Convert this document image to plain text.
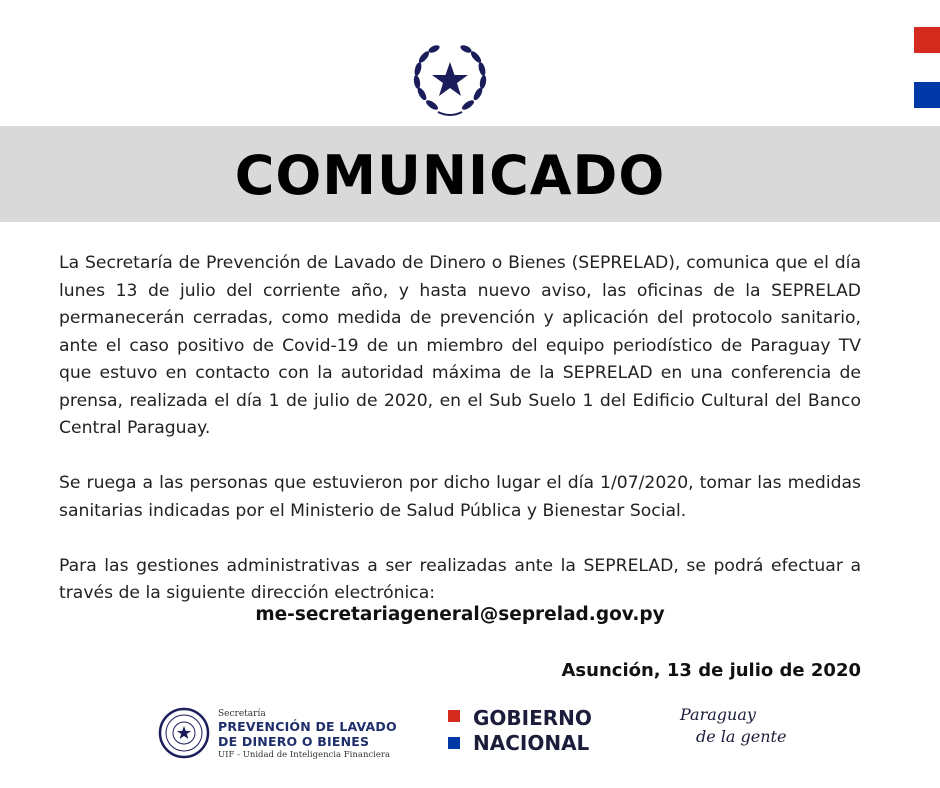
COMUNICADO

La Secretaría de Prevención de Lavado de Dinero o Bienes (SEPRELAD), comunica que el día lunes 13 de julio del corriente año, y hasta nuevo aviso, las oficinas de la SEPRELAD permanecerán cerradas, como medida de prevención y aplicación del protocolo sanitario, ante el caso positivo de Covid-19 de un miembro del equipo periodístico de Paraguay TV que estuvo en contacto con la autoridad máxima de la SEPRELAD en una conferencia de prensa, realizada el día 1 de julio de 2020, en el Sub Suelo 1 del Edificio Cultural del Banco Central Paraguay.

Se ruega a las personas que estuvieron por dicho lugar el día 1/07/2020, tomar las medidas sanitarias indicadas por el Ministerio de Salud Pública y Bienestar Social.

Para las gestiones administrativas a ser realizadas ante la SEPRELAD, se podrá efectuar a través de la siguiente dirección electrónica:

me-secretariageneral@seprelad.gov.py
Asunción, 13 de julio de 2020
Secretaría
PREVENCIÓN DE LAVADO
DE DINERO O BIENES
UIF - Unidad de Inteligencia Financiera
GOBIERNO
NACIONAL
Paraguay
de la gente
